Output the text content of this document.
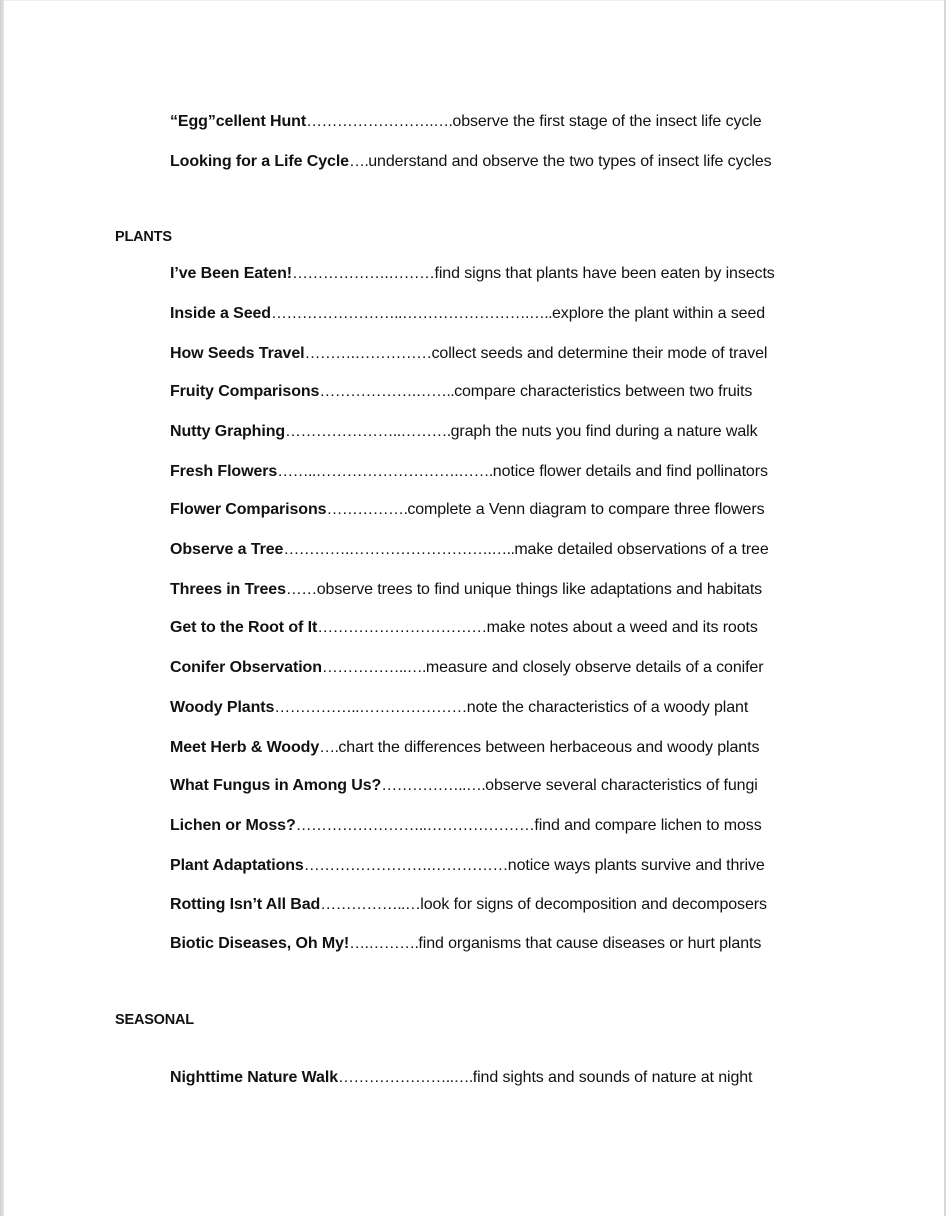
“Egg”cellent Hunt…………………….….observe the first stage of the insect life cycle
Looking for a Life Cycle….understand and observe the two types of insect life cycles
PLANTS
I’ve Been Eaten!……………….………find signs that plants have been eaten by insects
Inside a Seed……………………..…………………….…..explore the plant within a seed
How Seeds Travel……….……………collect seeds and determine their mode of travel
Fruity Comparisons……………….……..compare characteristics between two fruits
Nutty Graphing…………………..……….graph the nuts you find during a nature walk
Fresh Flowers……..……………………….…….notice flower details and find pollinators
Flower Comparisons…………….complete a Venn diagram to compare three flowers
Observe a Tree………….……………………….…..make detailed observations of a tree
Threes in Trees……observe trees to find unique things like adaptations and habitats
Get to the Root of It……………………………make notes about a weed and its roots
Conifer Observation……………..….measure and closely observe details of a conifer
Woody Plants……………..…………………note the characteristics of a woody plant
Meet Herb & Woody….chart the differences between herbaceous and woody plants
What Fungus in Among Us?……………..….observe several characteristics of fungi
Lichen or Moss?……………………..…………………find and compare lichen to moss
Plant Adaptations…………………….……………notice ways plants survive and thrive
Rotting Isn’t All Bad……………..…look for signs of decomposition and decomposers
Biotic Diseases, Oh My!….……….find organisms that cause diseases or hurt plants
SEASONAL
Nighttime Nature Walk…………………..….find sights and sounds of nature at night
